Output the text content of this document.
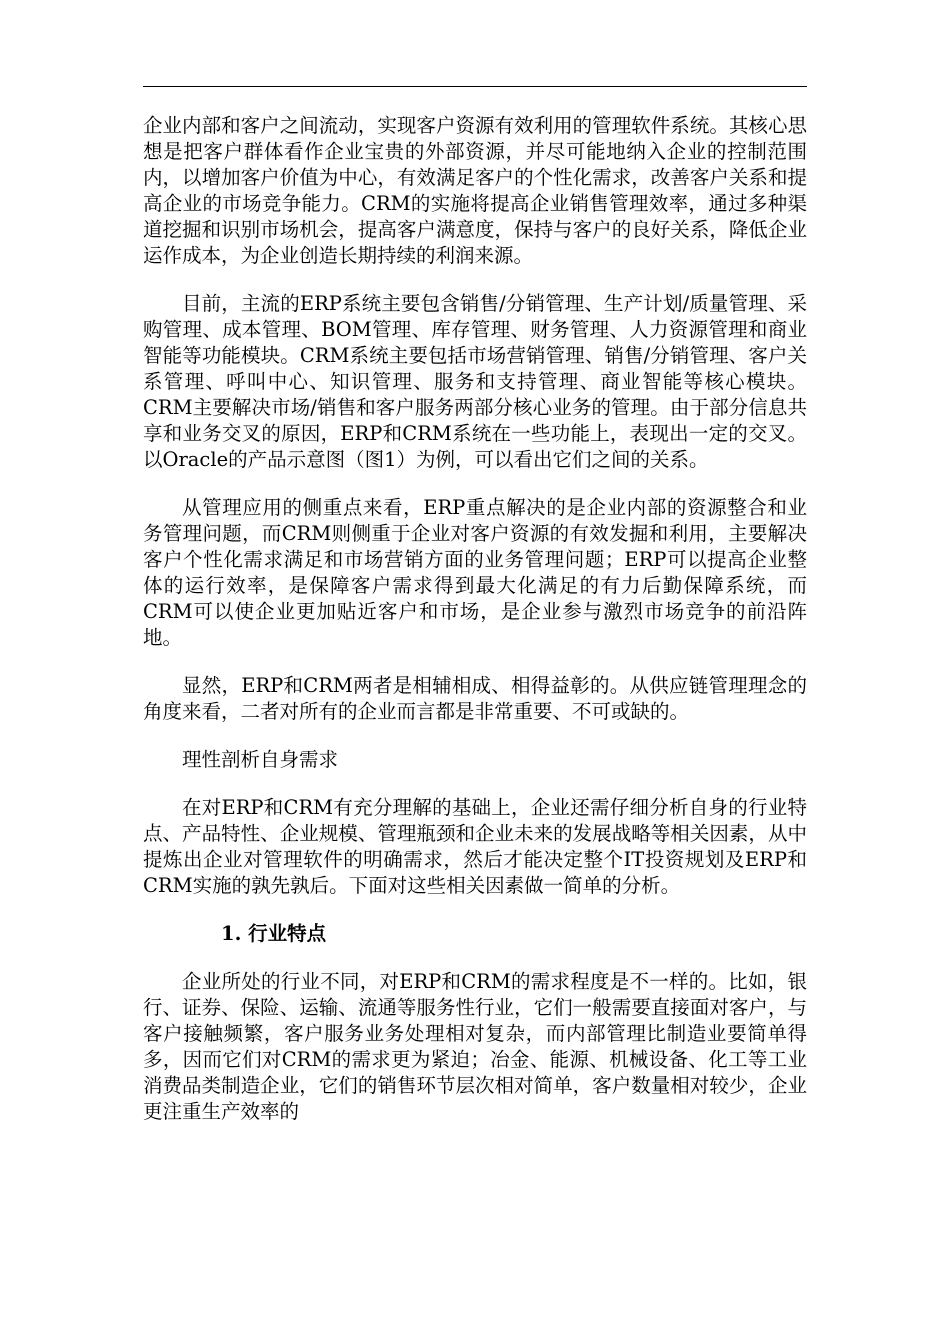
企业内部和客户之间流动，实现客户资源有效利用的管理软件系统。其核心思想是把客户群体看作企业宝贵的外部资源，并尽可能地纳入企业的控制范围内，以增加客户价值为中心，有效满足客户的个性化需求，改善客户关系和提高企业的市场竞争能力。CRM的实施将提高企业销售管理效率，通过多种渠道挖掘和识别市场机会，提高客户满意度，保持与客户的良好关系，降低企业运作成本，为企业创造长期持续的利润来源。

目前，主流的ERP系统主要包含销售/分销管理、生产计划/质量管理、采购管理、成本管理、BOM管理、库存管理、财务管理、人力资源管理和商业智能等功能模块。CRM系统主要包括市场营销管理、销售/分销管理、客户关系管理、呼叫中心、知识管理、服务和支持管理、商业智能等核心模块。CRM主要解决市场/销售和客户服务两部分核心业务的管理。由于部分信息共享和业务交叉的原因，ERP和CRM系统在一些功能上，表现出一定的交叉。以Oracle的产品示意图（图1）为例，可以看出它们之间的关系。

从管理应用的侧重点来看，ERP重点解决的是企业内部的资源整合和业务管理问题，而CRM则侧重于企业对客户资源的有效发掘和利用，主要解决客户个性化需求满足和市场营销方面的业务管理问题；ERP可以提高企业整体的运行效率，是保障客户需求得到最大化满足的有力后勤保障系统，而CRM可以使企业更加贴近客户和市场，是企业参与激烈市场竞争的前沿阵地。

显然，ERP和CRM两者是相辅相成、相得益彰的。从供应链管理理念的角度来看，二者对所有的企业而言都是非常重要、不可或缺的。

理性剖析自身需求

在对ERP和CRM有充分理解的基础上，企业还需仔细分析自身的行业特点、产品特性、企业规模、管理瓶颈和企业未来的发展战略等相关因素，从中提炼出企业对管理软件的明确需求，然后才能决定整个IT投资规划及ERP和CRM实施的孰先孰后。下面对这些相关因素做一简单的分析。

1. 行业特点

企业所处的行业不同，对ERP和CRM的需求程度是不一样的。比如，银行、证券、保险、运输、流通等服务性行业，它们一般需要直接面对客户，与客户接触频繁，客户服务业务处理相对复杂，而内部管理比制造业要简单得多，因而它们对CRM的需求更为紧迫；冶金、能源、机械设备、化工等工业消费品类制造企业，它们的销售环节层次相对简单，客户数量相对较少，企业更注重生产效率的
